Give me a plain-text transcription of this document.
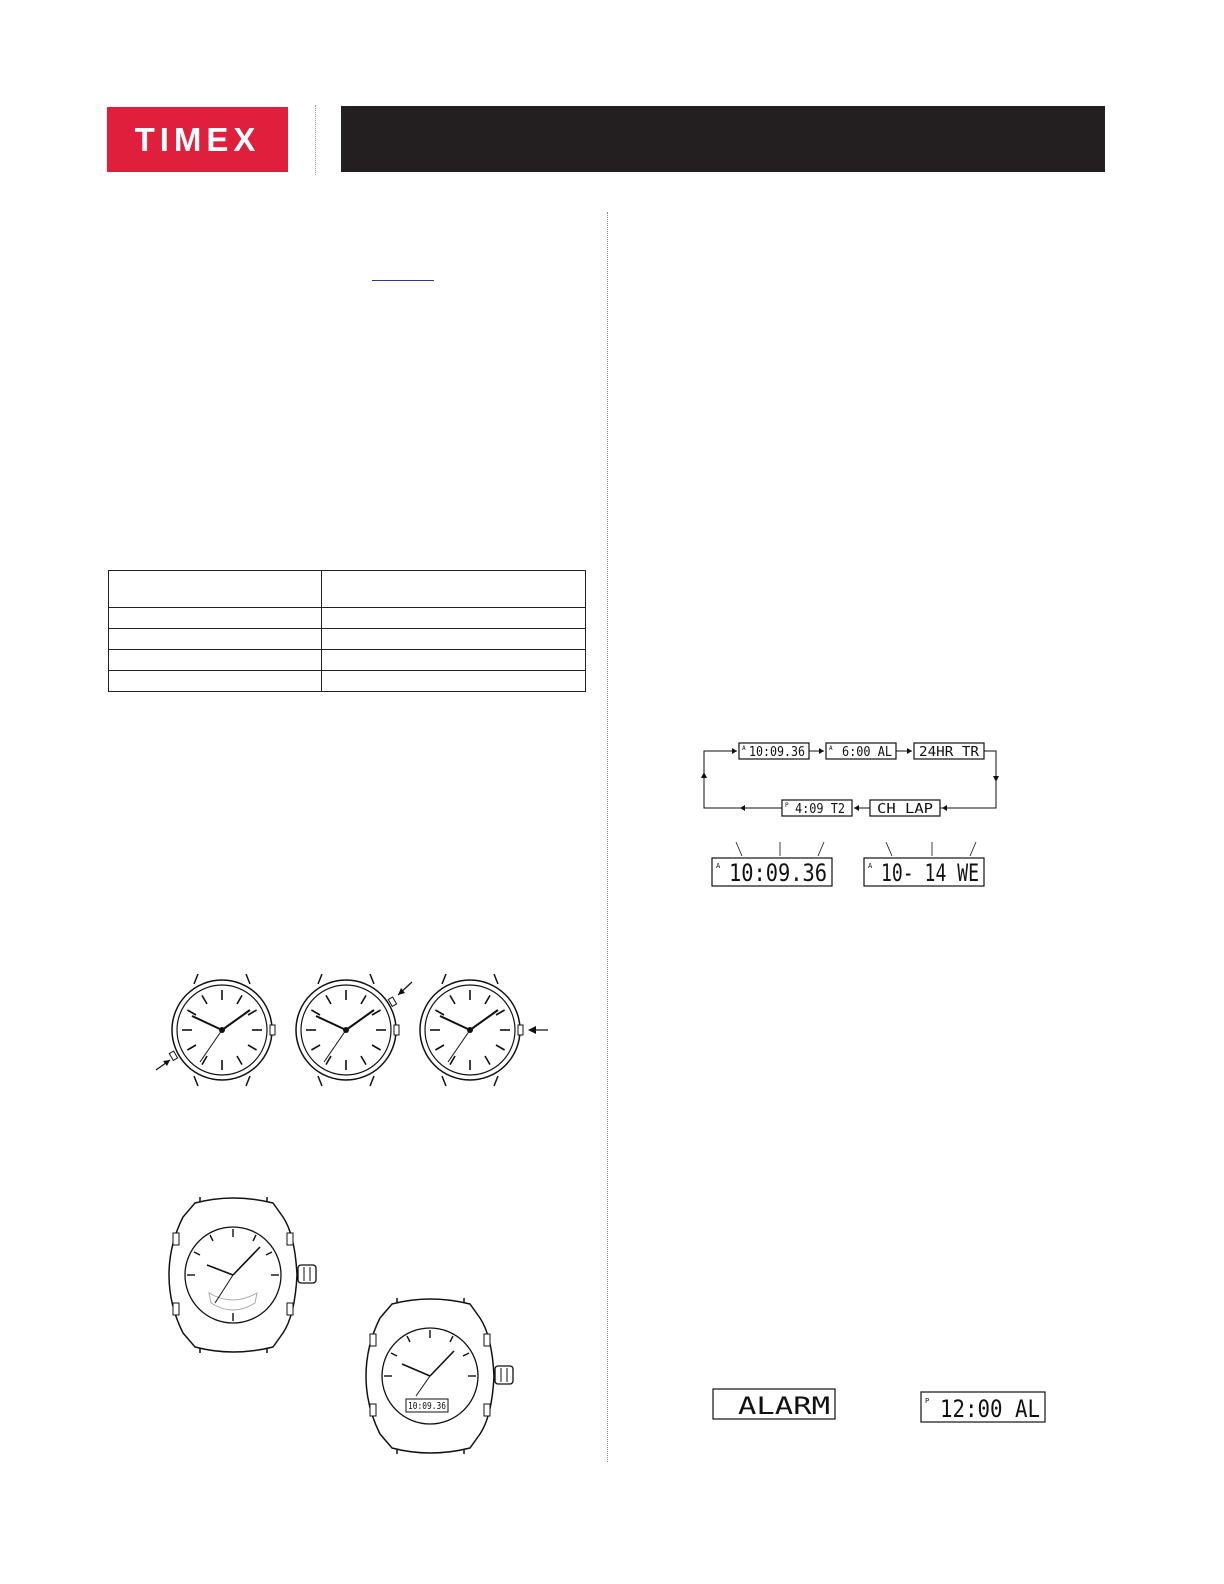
TIMEX

10:09.36
A 10:09.36	A 6:00 AL 24HR TR
CH LAP
P 4:09 T2
A 10:09.36	A 10- 14 WE
ALARM	P 12:00 AL
